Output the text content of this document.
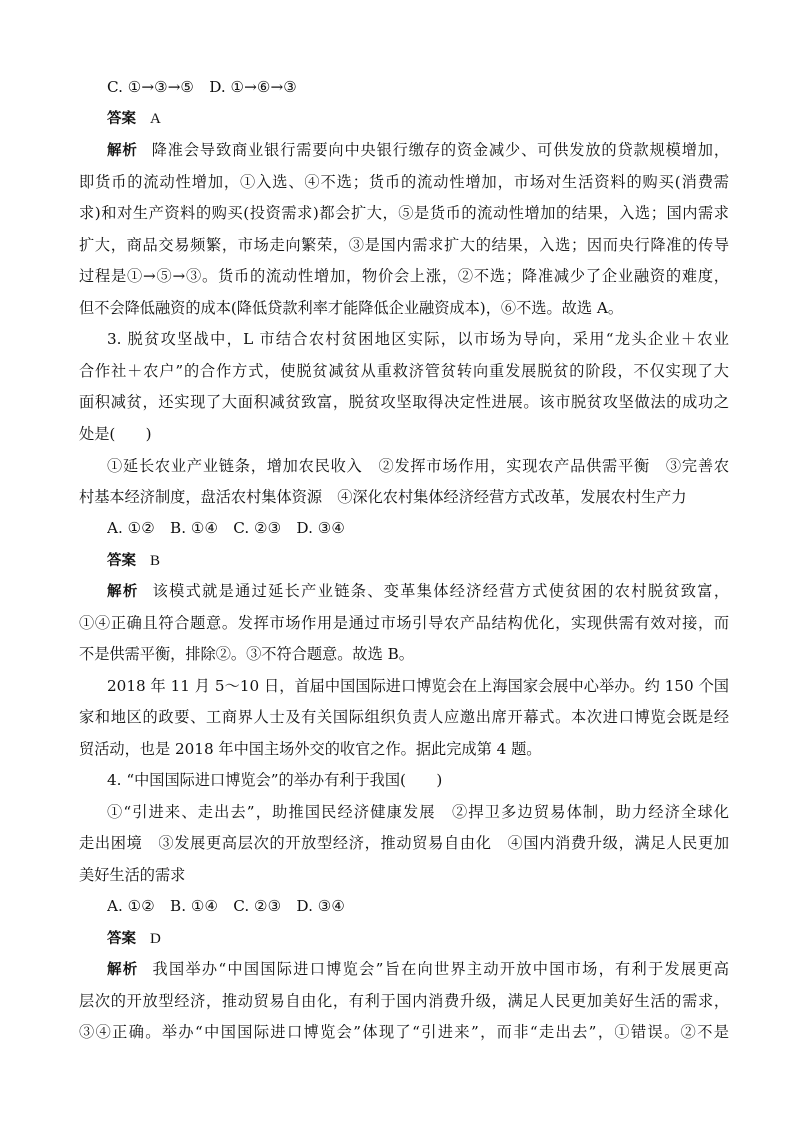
C. ①→③→⑤　D. ①→⑥→③
答案 A
解析 降准会导致商业银行需要向中央银行缴存的资金减少、可供发放的贷款规模增加，
即货币的流动性增加，①入选、④不选；货币的流动性增加，市场对生活资料的购买(消费需
求)和对生产资料的购买(投资需求)都会扩大，⑤是货币的流动性增加的结果，入选；国内需求
扩大，商品交易频繁，市场走向繁荣，③是国内需求扩大的结果，入选；因而央行降准的传导
过程是①→⑤→③。货币的流动性增加，物价会上涨，②不选；降准减少了企业融资的难度，
但不会降低融资的成本(降低贷款利率才能降低企业融资成本)，⑥不选。故选 A。
3. 脱贫攻坚战中，L 市结合农村贫困地区实际，以市场为导向，采用“龙头企业＋农业
合作社＋农户”的合作方式，使脱贫减贫从重救济管贫转向重发展脱贫的阶段，不仅实现了大
面积减贫，还实现了大面积减贫致富，脱贫攻坚取得决定性进展。该市脱贫攻坚做法的成功之
处是(　　)
①延长农业产业链条，增加农民收入　②发挥市场作用，实现农产品供需平衡　③完善农
村基本经济制度，盘活农村集体资源　④深化农村集体经济经营方式改革，发展农村生产力
A. ①②　B. ①④　C. ②③　D. ③④
答案 B
解析 该模式就是通过延长产业链条、变革集体经济经营方式使贫困的农村脱贫致富，
①④正确且符合题意。发挥市场作用是通过市场引导农产品结构优化，实现供需有效对接，而
不是供需平衡，排除②。③不符合题意。故选 B。
2018 年 11 月 5～10 日，首届中国国际进口博览会在上海国家会展中心举办。约 150 个国
家和地区的政要、工商界人士及有关国际组织负责人应邀出席开幕式。本次进口博览会既是经
贸活动，也是 2018 年中国主场外交的收官之作。据此完成第 4 题。
4. “中国国际进口博览会”的举办有利于我国(　　)
①“引进来、走出去”，助推国民经济健康发展　②捍卫多边贸易体制，助力经济全球化
走出困境　③发展更高层次的开放型经济，推动贸易自由化　④国内消费升级，满足人民更加
美好生活的需求
A. ①②　B. ①④　C. ②③　D. ③④
答案 D
解析 我国举办“中国国际进口博览会”旨在向世界主动开放中国市场，有利于发展更高
层次的开放型经济，推动贸易自由化，有利于国内消费升级，满足人民更加美好生活的需求，
③④正确。举办“中国国际进口博览会”体现了“引进来”，而非“走出去”，①错误。②不是
